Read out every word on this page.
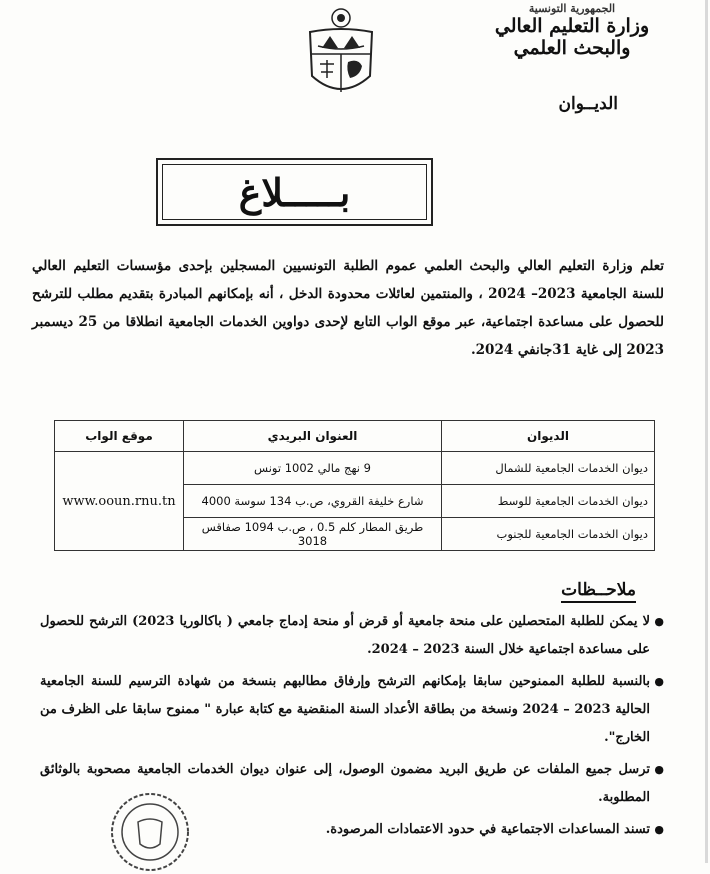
الجمهورية التونسية
وزارة التعليم العالي
والبحث العلمي
الديــوان
بـــــلاغ
تعلم وزارة التعليم العالي والبحث العلمي عموم الطلبة التونسيين المسجلين بإحدى مؤسسات التعليم العالي للسنة الجامعية 2023– 2024 ، والمنتمين لعائلات محدودة الدخل ، أنه بإمكانهم المبادرة بتقديم مطلب للترشح للحصول على مساعدة اجتماعية، عبر موقع الواب التابع لإحدى دواوين الخدمات الجامعية انطلاقا من 25 ديسمبر 2023 إلى غاية 31جانفي 2024.
الديوان	العنوان البريدي	موقع الواب
ديوان الخدمات الجامعية للشمال	9 نهج مالي 1002 تونس	www.ooun.rnu.tn
ديوان الخدمات الجامعية للوسط	شارع خليفة القروي، ص.ب 134 سوسة 4000	
ديوان الخدمات الجامعية للجنوب	طريق المطار كلم 0.5 ، ص.ب 1094 صفاقس 3018	
ملاحــظات
●
لا يمكن للطلبة المتحصلين على منحة جامعية أو قرض أو منحة إدماج جامعي ( باكالوريا 2023) الترشح للحصول على مساعدة اجتماعية خلال السنة 2023 – 2024.
●
بالنسبة للطلبة الممنوحين سابقا بإمكانهم الترشح وإرفاق مطالبهم بنسخة من شهادة الترسيم للسنة الجامعية الحالية 2023 – 2024 ونسخة من بطاقة الأعداد السنة المنقضية مع كتابة عبارة " ممنوح سابقا على الظرف من الخارج".
●
ترسل جميع الملفات عن طريق البريد مضمون الوصول، إلى عنوان ديوان الخدمات الجامعية مصحوبة بالوثائق المطلوبة.
●
تسند المساعدات الاجتماعية في حدود الاعتمادات المرصودة.
